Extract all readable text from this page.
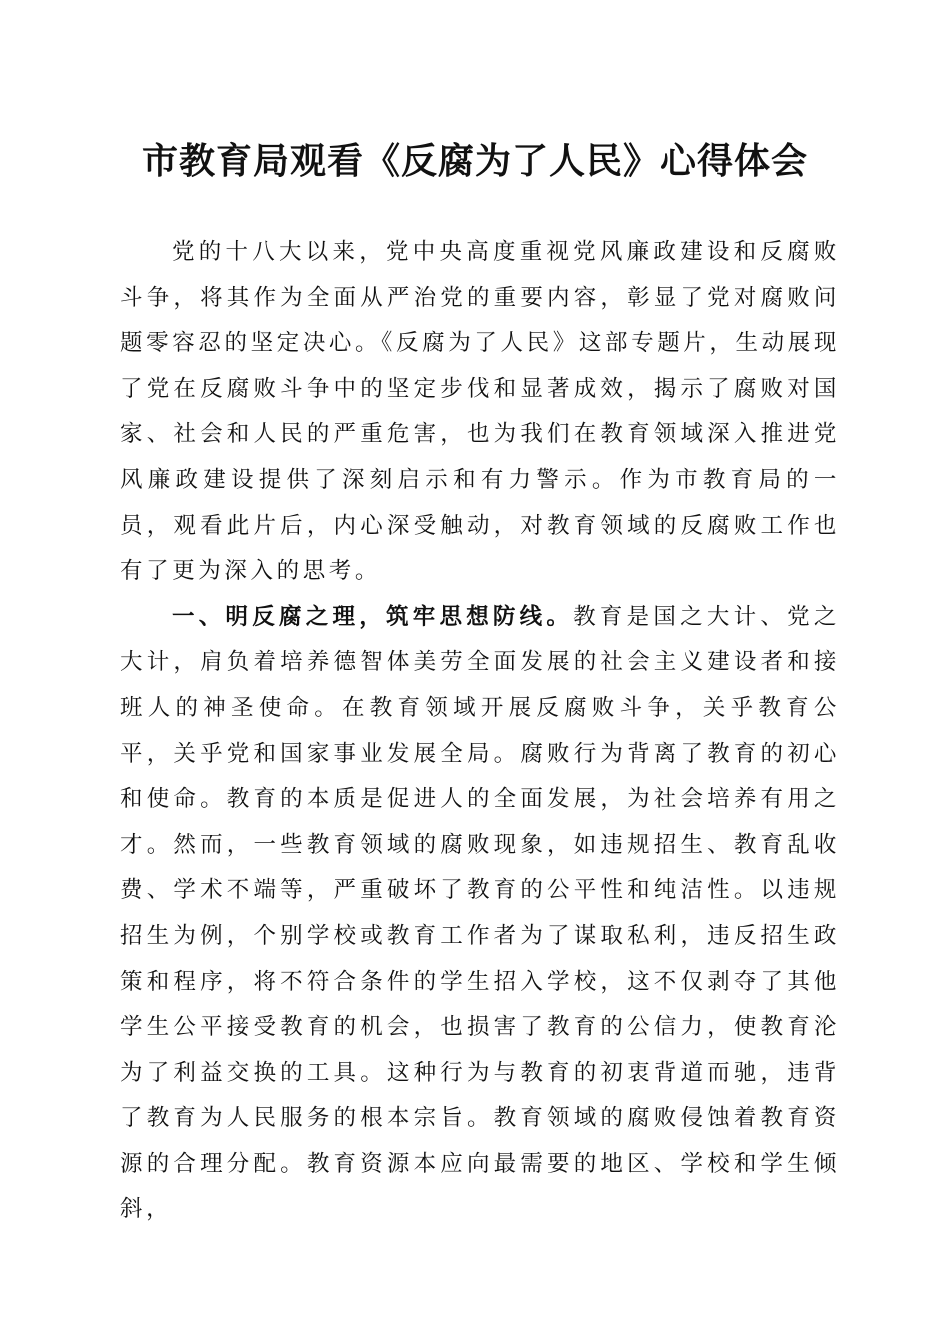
市教育局观看《反腐为了人民》心得体会

党的十八大以来，党中央高度重视党风廉政建设和反腐败斗争，将其作为全面从严治党的重要内容，彰显了党对腐败问题零容忍的坚定决心。《反腐为了人民》这部专题片，生动展现了党在反腐败斗争中的坚定步伐和显著成效，揭示了腐败对国家、社会和人民的严重危害，也为我们在教育领域深入推进党风廉政建设提供了深刻启示和有力警示。作为市教育局的一员，观看此片后，内心深受触动，对教育领域的反腐败工作也有了更为深入的思考。

一、明反腐之理，筑牢思想防线。教育是国之大计、党之大计，肩负着培养德智体美劳全面发展的社会主义建设者和接班人的神圣使命。在教育领域开展反腐败斗争，关乎教育公平，关乎党和国家事业发展全局。腐败行为背离了教育的初心和使命。教育的本质是促进人的全面发展，为社会培养有用之才。然而，一些教育领域的腐败现象，如违规招生、教育乱收费、学术不端等，严重破坏了教育的公平性和纯洁性。以违规招生为例，个别学校或教育工作者为了谋取私利，违反招生政策和程序，将不符合条件的学生招入学校，这不仅剥夺了其他学生公平接受教育的机会，也损害了教育的公信力，使教育沦为了利益交换的工具。这种行为与教育的初衷背道而驰，违背了教育为人民服务的根本宗旨。教育领域的腐败侵蚀着教育资源的合理分配。教育资源本应向最需要的地区、学校和学生倾斜，
